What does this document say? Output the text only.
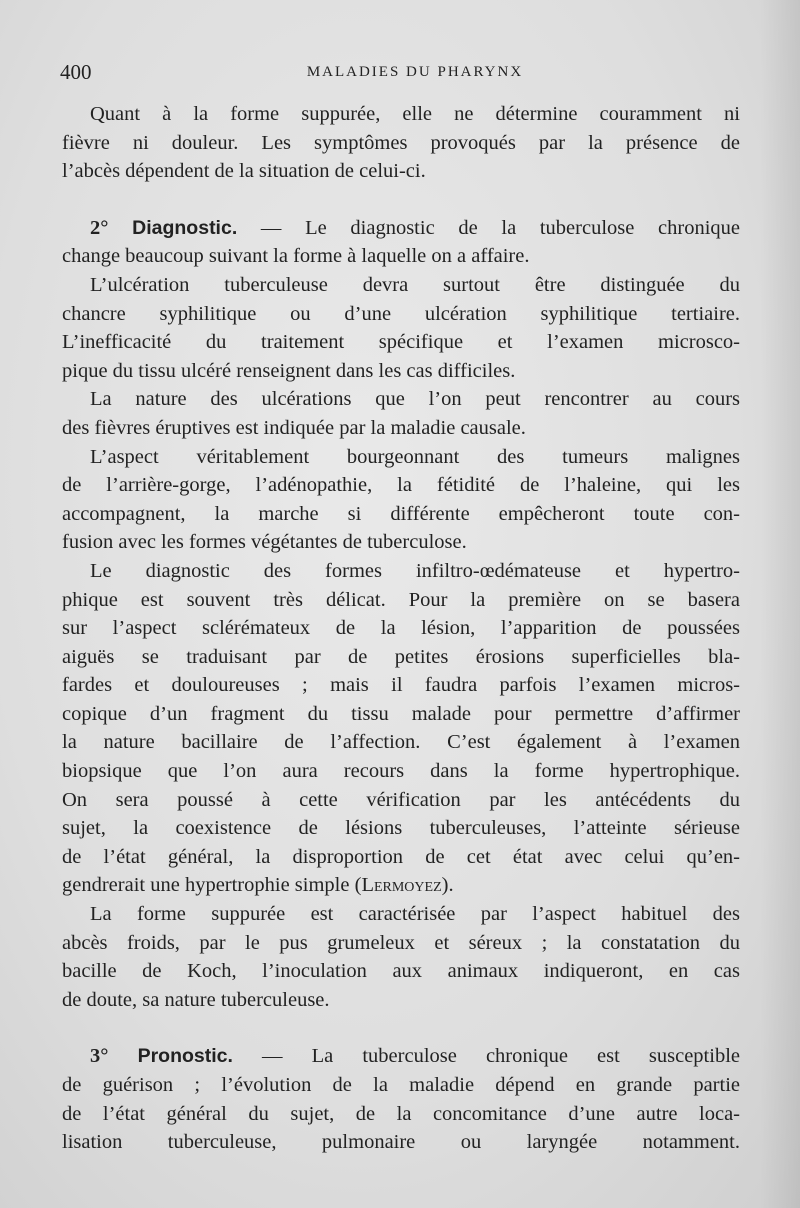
400	MALADIES DU PHARYNX
Quant à la forme suppurée, elle ne détermine couramment ni
fièvre ni douleur. Les symptômes provoqués par la présence de
l’abcès dépendent de la situation de celui-ci.
2° Diagnostic. — Le diagnostic de la tuberculose chronique
change beaucoup suivant la forme à laquelle on a affaire.
L’ulcération tuberculeuse devra surtout être distinguée du
chancre syphilitique ou d’une ulcération syphilitique tertiaire.
L’inefficacité du traitement spécifique et l’examen microsco-
pique du tissu ulcéré renseignent dans les cas difficiles.
La nature des ulcérations que l’on peut rencontrer au cours
des fièvres éruptives est indiquée par la maladie causale.
L’aspect véritablement bourgeonnant des tumeurs malignes
de l’arrière-gorge, l’adénopathie, la fétidité de l’haleine, qui les
accompagnent, la marche si différente empêcheront toute con-
fusion avec les formes végétantes de tuberculose.
Le diagnostic des formes infiltro-œdémateuse et hypertro-
phique est souvent très délicat. Pour la première on se basera
sur l’aspect sclérémateux de la lésion, l’apparition de poussées
aiguës se traduisant par de petites érosions superficielles bla-
fardes et douloureuses ; mais il faudra parfois l’examen micros-
copique d’un fragment du tissu malade pour permettre d’affirmer
la nature bacillaire de l’affection. C’est également à l’examen
biopsique que l’on aura recours dans la forme hypertrophique.
On sera poussé à cette vérification par les antécédents du
sujet, la coexistence de lésions tuberculeuses, l’atteinte sérieuse
de l’état général, la disproportion de cet état avec celui qu’en-
gendrerait une hypertrophie simple (Lermoyez).
La forme suppurée est caractérisée par l’aspect habituel des
abcès froids, par le pus grumeleux et séreux ; la constatation du
bacille de Koch, l’inoculation aux animaux indiqueront, en cas
de doute, sa nature tuberculeuse.
3° Pronostic. — La tuberculose chronique est susceptible
de guérison ; l’évolution de la maladie dépend en grande partie
de l’état général du sujet, de la concomitance d’une autre loca-
lisation tuberculeuse, pulmonaire ou laryngée notamment.
